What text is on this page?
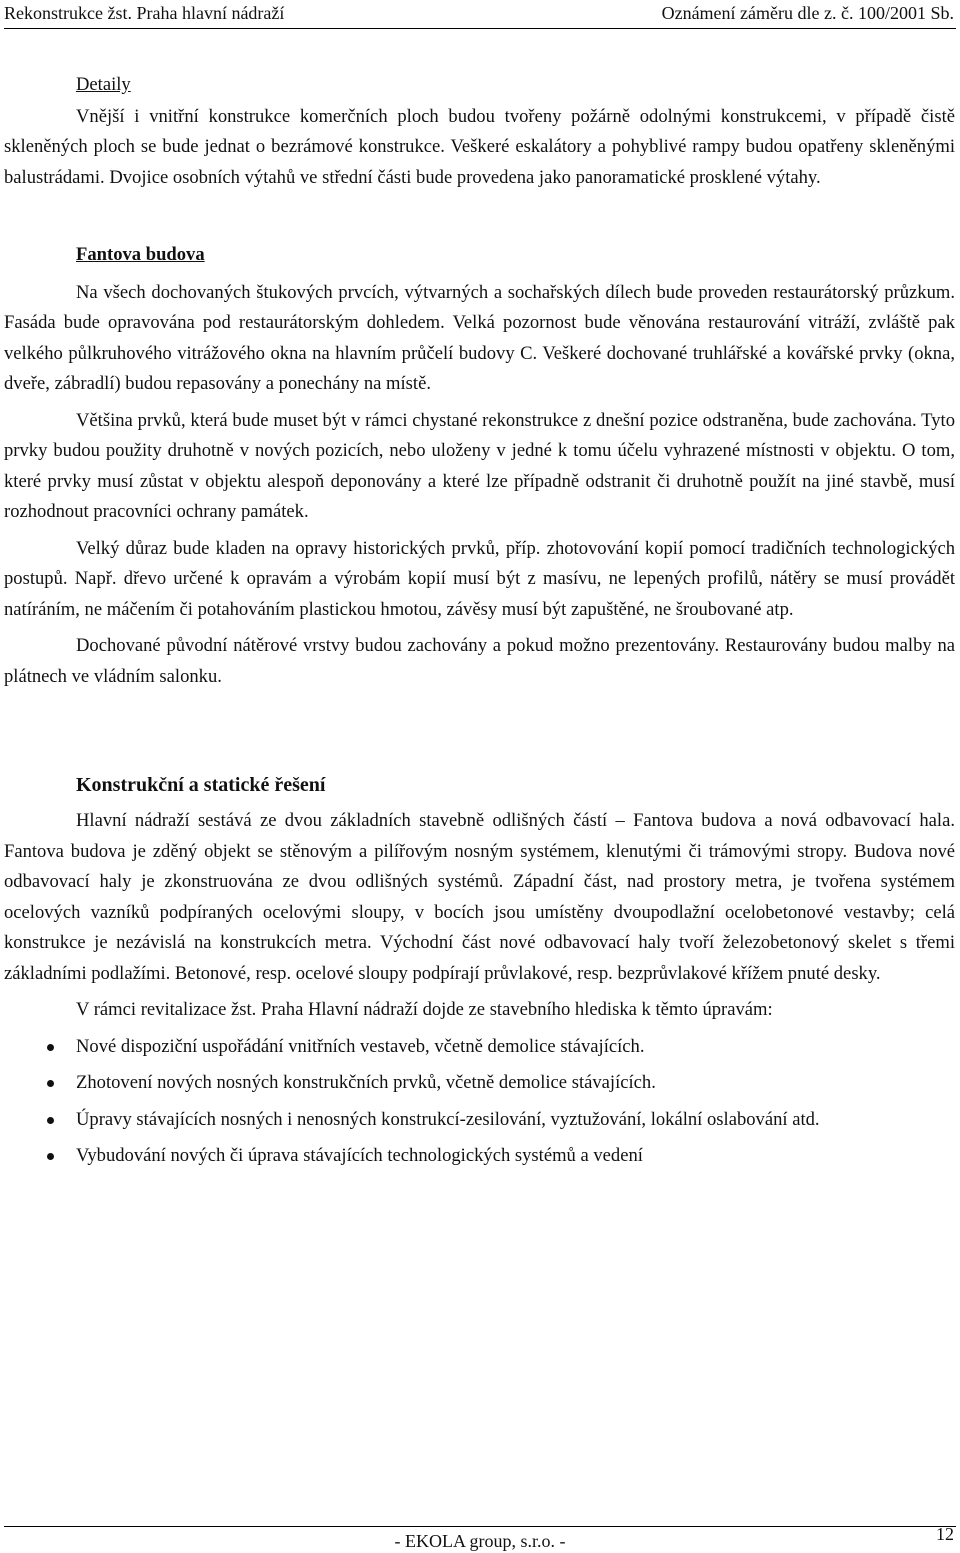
Rekonstrukce žst. Praha hlavní nádraží	Oznámení záměru dle z. č. 100/2001 Sb.

Detaily

Vnější i vnitřní konstrukce komerčních ploch budou tvořeny požárně odolnými konstrukcemi, v případě čistě skleněných ploch se bude jednat o bezrámové konstrukce. Veškeré eskalátory a pohyblivé rampy budou opatřeny skleněnými balustrádami. Dvojice osobních výtahů ve střední části bude provedena jako panoramatické prosklené výtahy.

Fantova budova

Na všech dochovaných štukových prvcích, výtvarných a sochařských dílech bude proveden restaurátorský průzkum. Fasáda bude opravována pod restaurátorským dohledem. Velká pozornost bude věnována restaurování vitráží, zvláště pak velkého půlkruhového vitrážového okna na hlavním průčelí budovy C. Veškeré dochované truhlářské a kovářské prvky (okna, dveře, zábradlí) budou repasovány a ponechány na místě.

Většina prvků, která bude muset být v rámci chystané rekonstrukce z dnešní pozice odstraněna, bude zachována. Tyto prvky budou použity druhotně v nových pozicích, nebo uloženy v jedné k tomu účelu vyhrazené místnosti v objektu. O tom, které prvky musí zůstat v objektu alespoň deponovány a které lze případně odstranit či druhotně použít na jiné stavbě, musí rozhodnout pracovníci ochrany památek.

Velký důraz bude kladen na opravy historických prvků, příp. zhotovování kopií pomocí tradičních technologických postupů. Např. dřevo určené k opravám a výrobám kopií musí být z masívu, ne lepených profilů, nátěry se musí provádět natíráním, ne máčením či potahováním plastickou hmotou, závěsy musí být zapuštěné, ne šroubované atp.

Dochované původní nátěrové vrstvy budou zachovány a pokud možno prezentovány. Restaurovány budou malby na plátnech ve vládním salonku.

Konstrukční a statické řešení

Hlavní nádraží sestává ze dvou základních stavebně odlišných částí – Fantova budova a nová odbavovací hala. Fantova budova je zděný objekt se stěnovým a pilířovým nosným systémem, klenutými či trámovými stropy. Budova nové odbavovací haly je zkonstruována ze dvou odlišných systémů. Západní část, nad prostory metra, je tvořena systémem ocelových vazníků podpíraných ocelovými sloupy, v bocích jsou umístěny dvoupodlažní ocelobetonové vestavby; celá konstrukce je nezávislá na konstrukcích metra. Východní část nové odbavovací haly tvoří železobetonový skelet s třemi základními podlažími. Betonové, resp. ocelové sloupy podpírají průvlakové, resp. bezprůvlakové křížem pnuté desky.

V rámci revitalizace žst. Praha Hlavní nádraží dojde ze stavebního hlediska k těmto úpravám:

Nové dispoziční uspořádání vnitřních vestaveb, včetně demolice stávajících.
Zhotovení nových nosných konstrukčních prvků, včetně demolice stávajících.
Úpravy stávajících nosných i nenosných konstrukcí-zesilování, vyztužování, lokální oslabování atd.
Vybudování nových či úprava stávajících technologických systémů a vedení
- EKOLA group, s.r.o. -	12
